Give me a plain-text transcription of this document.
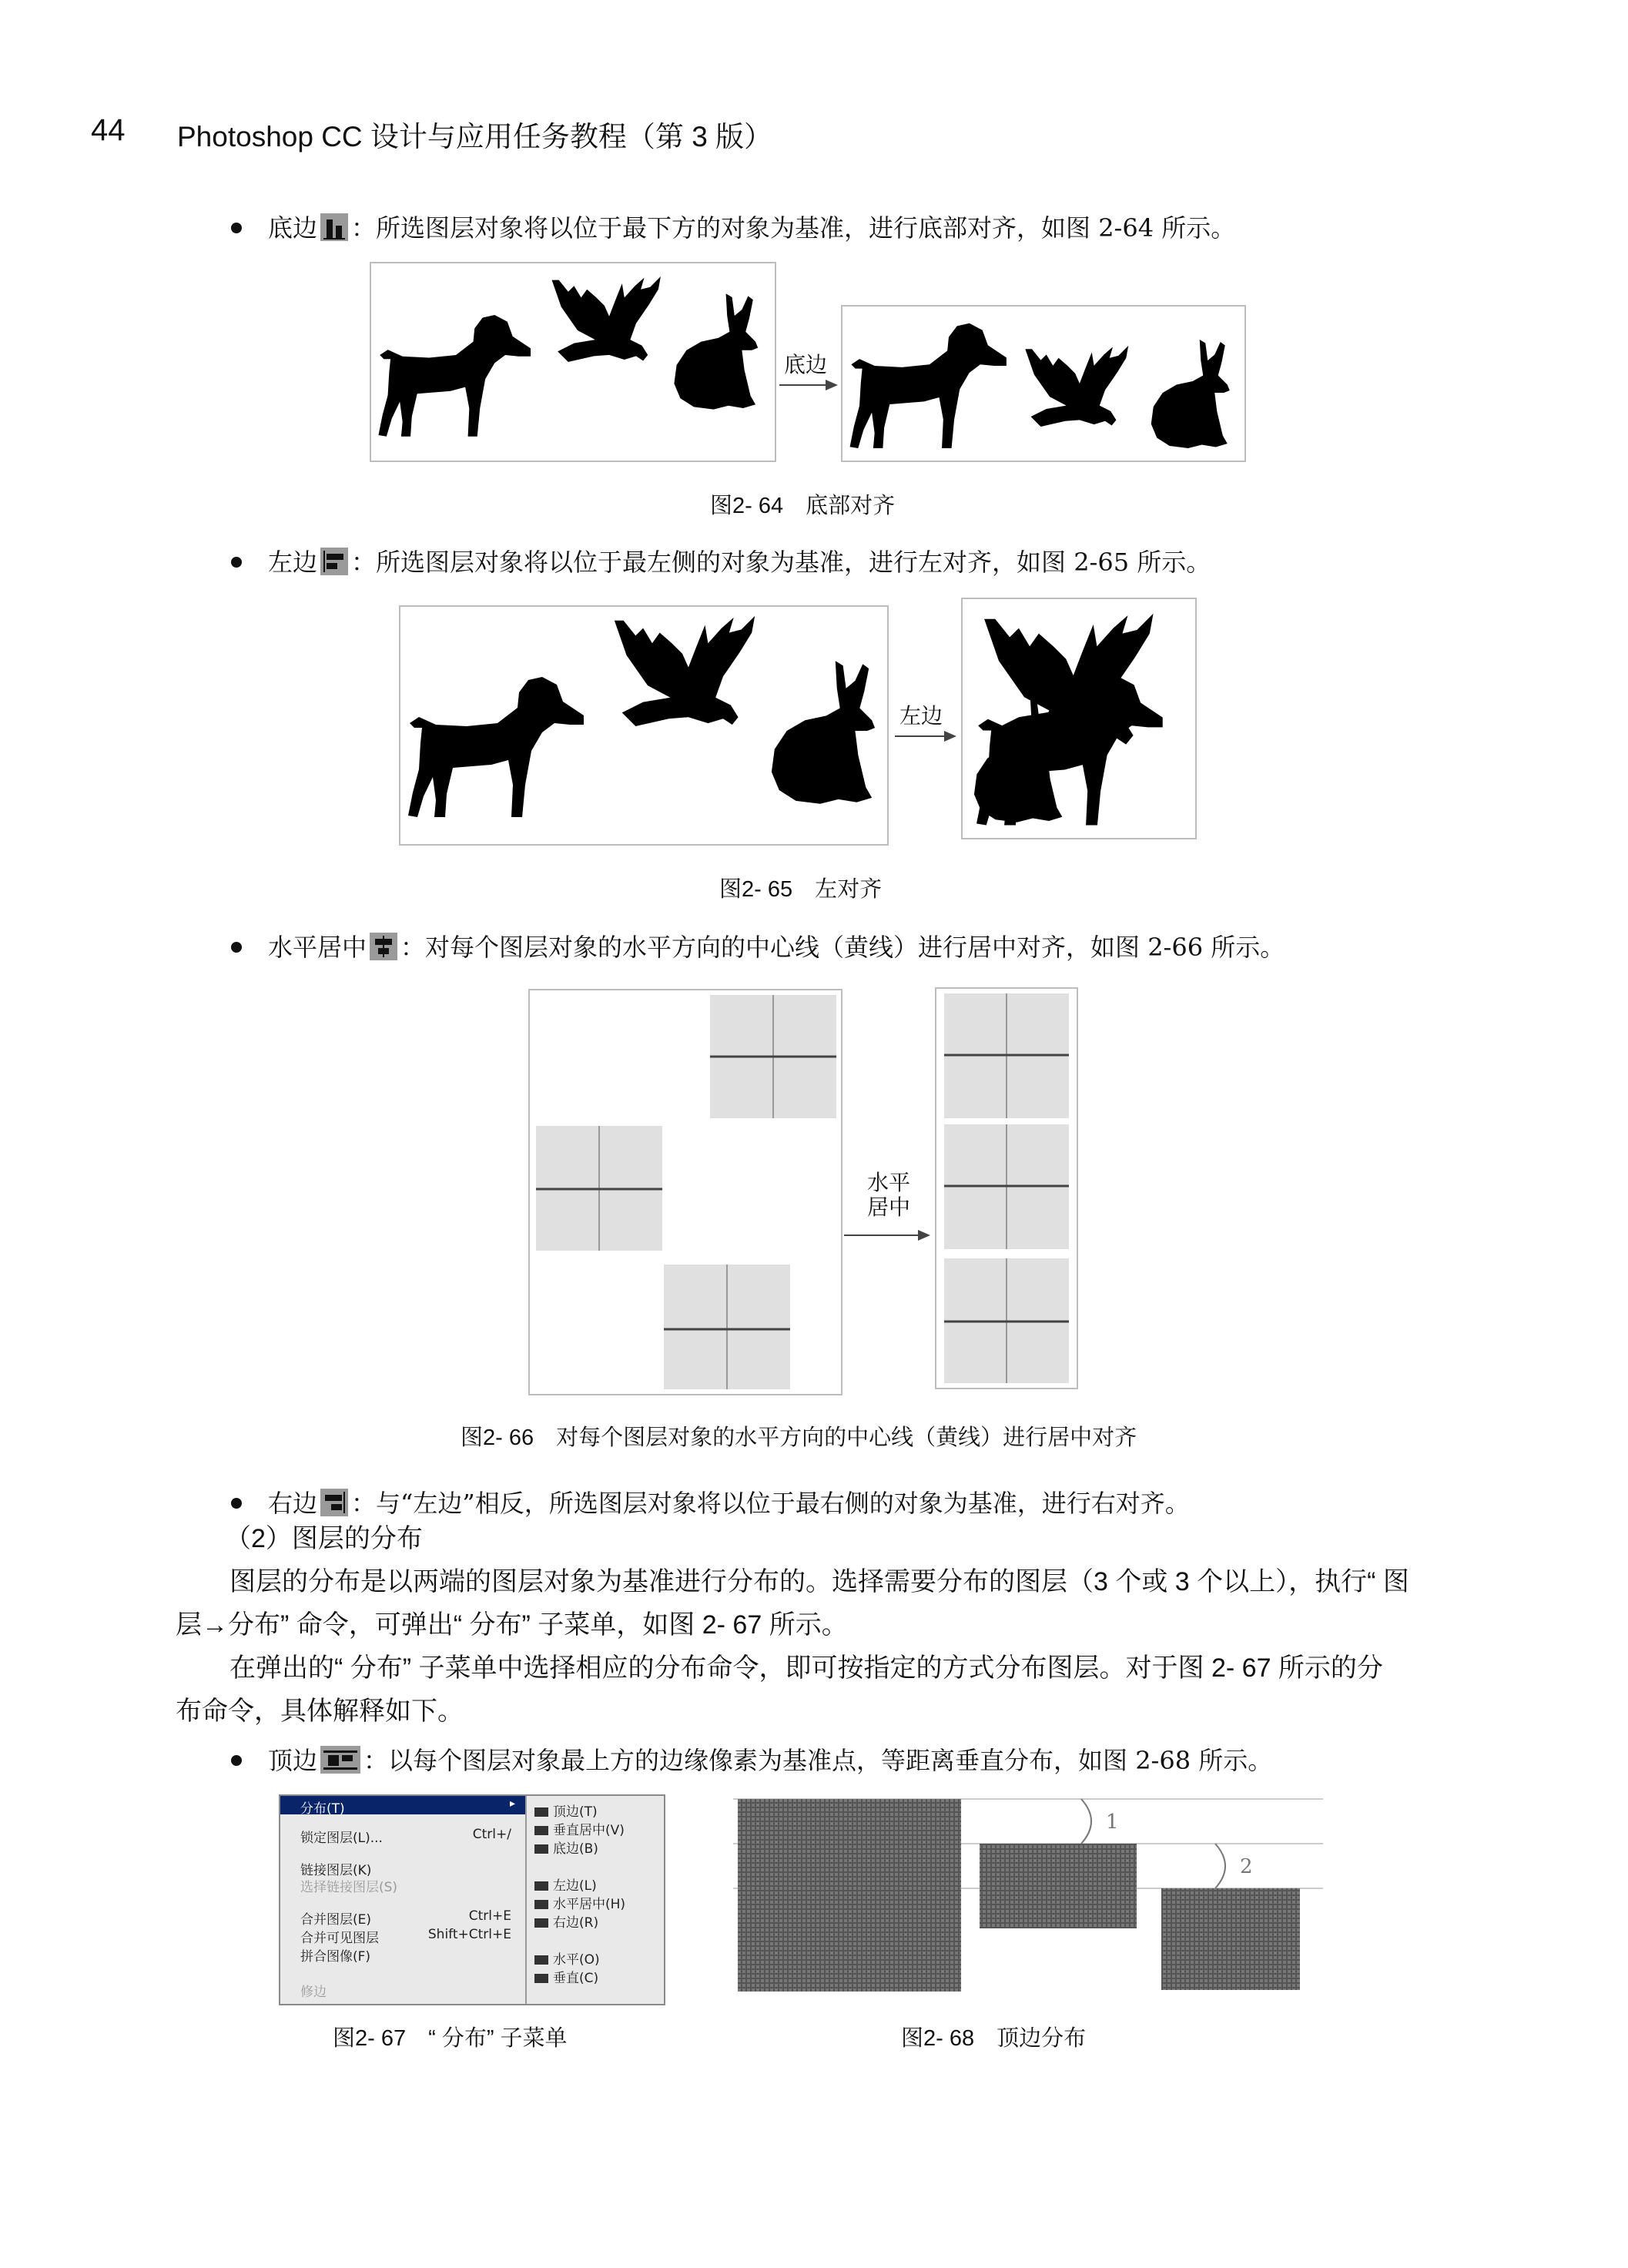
44 Photoshop CC 设计与应用任务教程（第 3 版）
底边 ：所选图层对象将以位于最下方的对象为基准，进行底部对齐，如图 2-64 所示。
底边
图2- 64　底部对齐
左边 ：所选图层对象将以位于最左侧的对象为基准，进行左对齐，如图 2-65 所示。
左边
图2- 65　左对齐
水平居中 ：对每个图层对象的水平方向的中心线（黄线）进行居中对齐，如图 2-66 所示。
水平
居中
图2- 66　对每个图层对象的水平方向的中心线（黄线）进行居中对齐
右边 ：与“左边”相反，所选图层对象将以位于最右侧的对象为基准，进行右对齐。
（2）图层的分布
图层的分布是以两端的图层对象为基准进行分布的。选择需要分布的图层（3 个或 3 个以上），执行“ 图
层→分布” 命令，可弹出“ 分布” 子菜单，如图 2- 67 所示。
在弹出的“ 分布” 子菜单中选择相应的分布命令，即可按指定的方式分布图层。对于图 2- 67 所示的分
布命令，具体解释如下。
顶边 ：以每个图层对象最上方的边缘像素为基准点，等距离垂直分布，如图 2-68 所示。
分布(T)	▸
锁定图层(L)...	Ctrl+/
链接图层(K)
选择链接图层(S)
合并图层(E)	Ctrl+E
合并可见图层	Shift+Ctrl+E
拼合图像(F)
修边
顶边(T)
垂直居中(V)
底边(B)
左边(L)
水平居中(H)
右边(R)
水平(O)
垂直(C)
图2- 67　“ 分布” 子菜单
1
2
图2- 68　顶边分布
